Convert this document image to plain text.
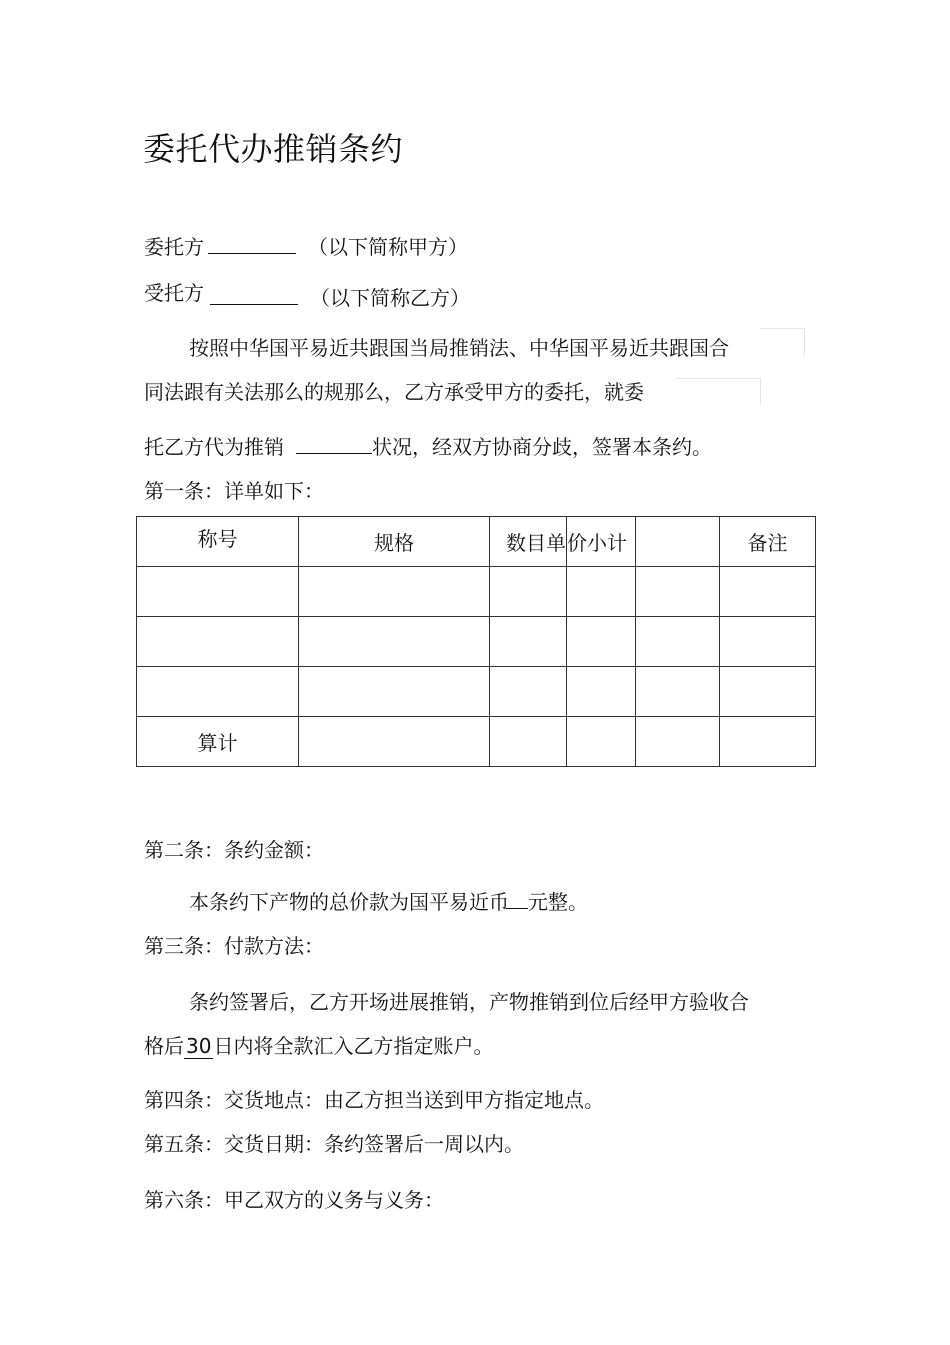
委托代办推销条约
委托方	（以下简称甲方）
受托方	（以下简称乙方）
按照中华国平易近共跟国当局推销法、中华国平易近共跟国合
同法跟有关法那么的规那么，乙方承受甲方的委托，就委
托乙方代为推销	状况，经双方协商分歧，签署本条约。
第一条：详单如下：
称号	规格	数目单	价小计		备注

算计					
第二条：条约金额：
本条约下产物的总价款为国平易近币 元整。
第三条：付款方法：
条约签署后，乙方开场进展推销，产物推销到位后经甲方验收合
格后 30 日内将全款汇入乙方指定账户。
第四条：交货地点：由乙方担当送到甲方指定地点。
第五条：交货日期：条约签署后一周以内。
第六条：甲乙双方的义务与义务：
